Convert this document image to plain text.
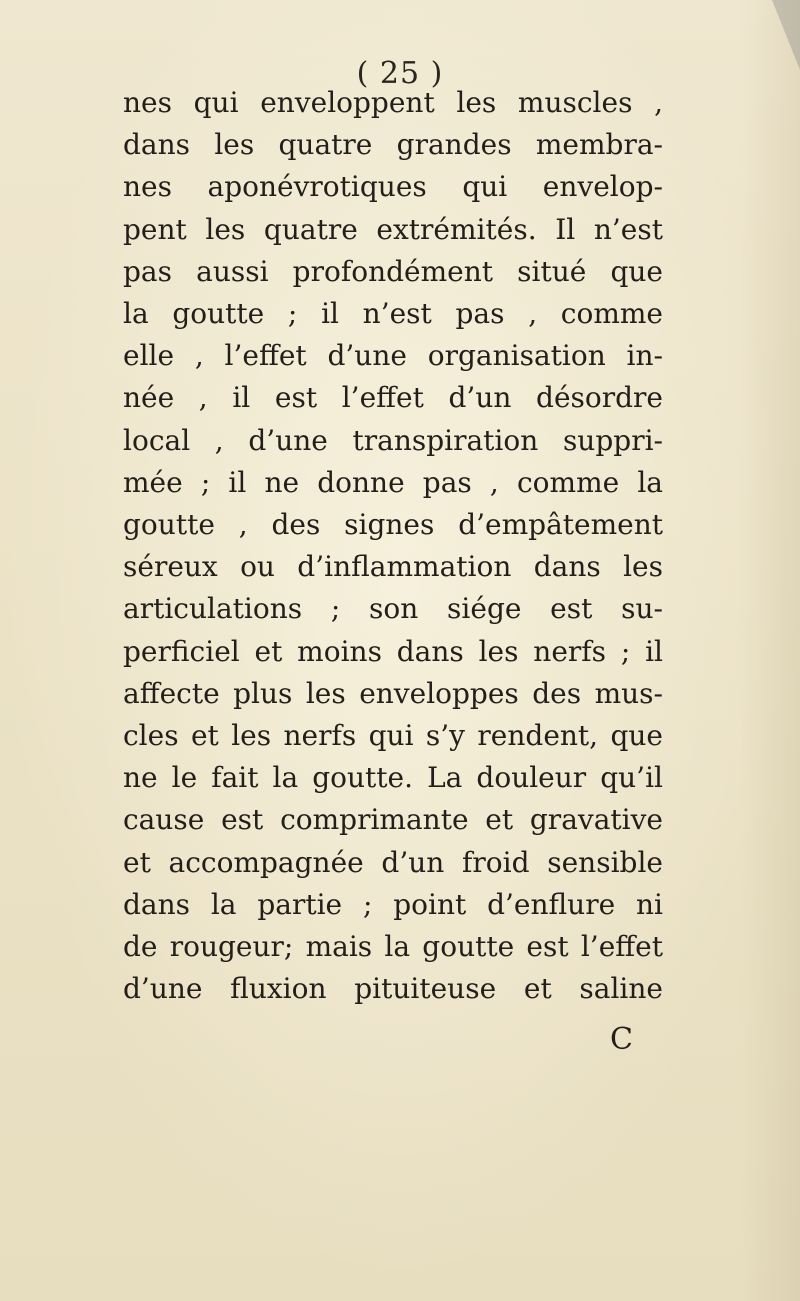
( 25 )
nes qui enveloppent les muscles ,
dans les quatre grandes membra-
nes aponévrotiques qui envelop-
pent les quatre extrémités. Il n’est
pas aussi profondément situé que
la goutte ; il n’est pas , comme
elle , l’effet d’une organisation in-
née , il est l’effet d’un désordre
local , d’une transpiration suppri-
mée ; il ne donne pas , comme la
goutte , des signes d’empâtement
séreux ou d’inflammation dans les
articulations ; son siége est su-
perficiel et moins dans les nerfs ; il
affecte plus les enveloppes des mus-
cles et les nerfs qui s’y rendent, que
ne le fait la goutte. La douleur qu’il
cause est comprimante et gravative
et accompagnée d’un froid sensible
dans la partie ; point d’enflure ni
de rougeur; mais la goutte est l’effet
d’une fluxion pituiteuse et saline
C
